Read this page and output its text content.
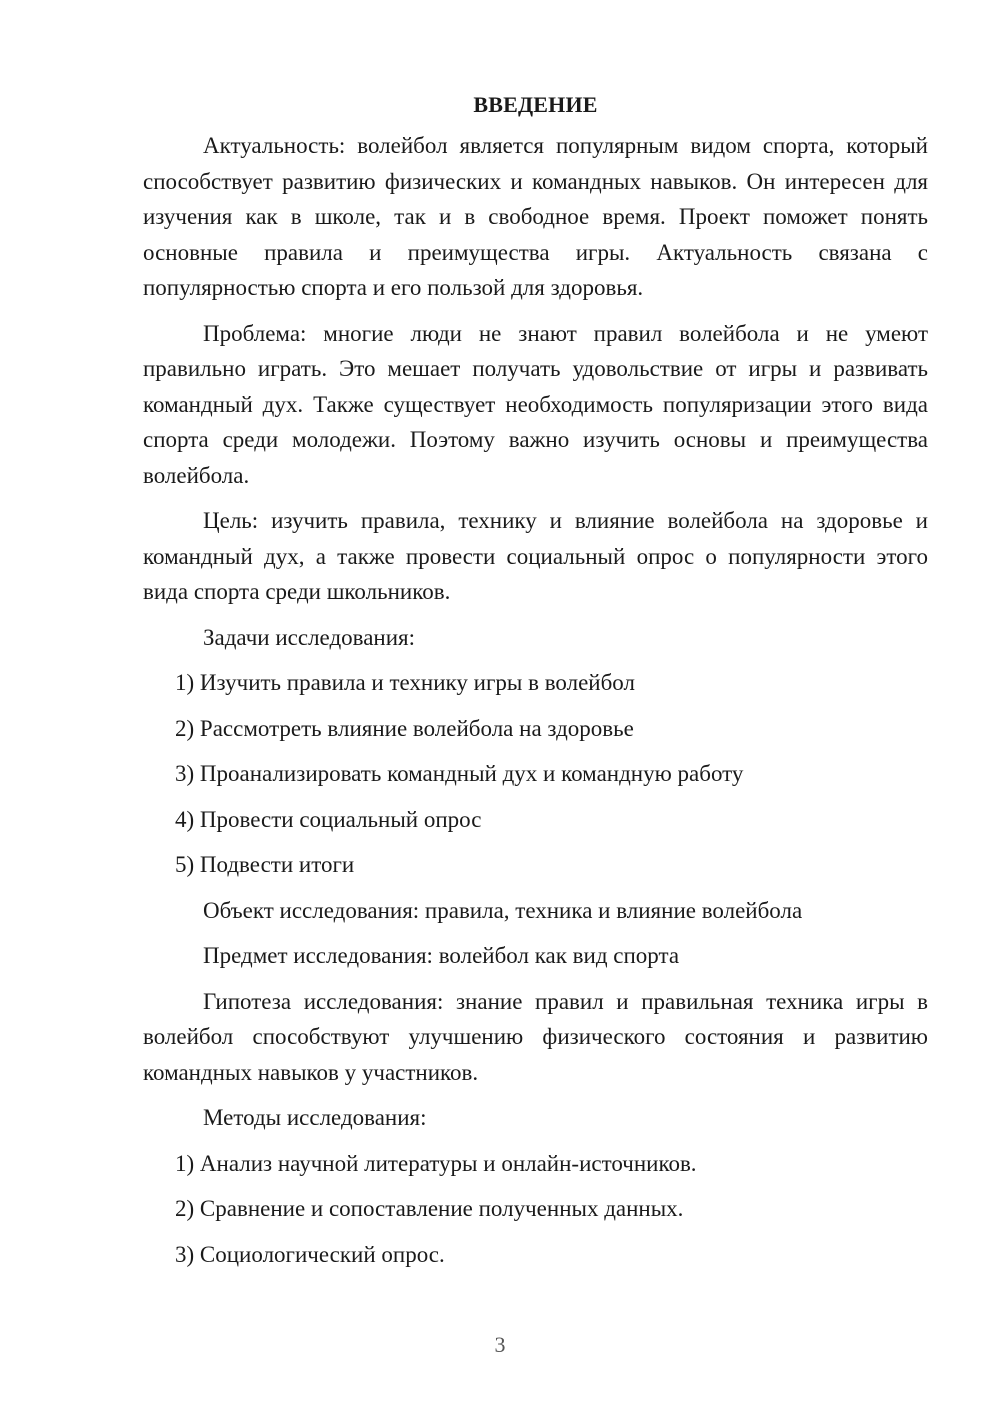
ВВЕДЕНИЕ

Актуальность: волейбол является популярным видом спорта, который способствует развитию физических и командных навыков. Он интересен для изучения как в школе, так и в свободное время. Проект поможет понять основные правила и преимущества игры. Актуальность связана с популярностью спорта и его пользой для здоровья.

Проблема: многие люди не знают правил волейбола и не умеют правильно играть. Это мешает получать удовольствие от игры и развивать командный дух. Также существует необходимость популяризации этого вида спорта среди молодежи. Поэтому важно изучить основы и преимущества волейбола.

Цель: изучить правила, технику и влияние волейбола на здоровье и командный дух, а также провести социальный опрос о популярности этого вида спорта среди школьников.

Задачи исследования:

1) Изучить правила и технику игры в волейбол

2) Рассмотреть влияние волейбола на здоровье

3) Проанализировать командный дух и командную работу

4) Провести социальный опрос

5) Подвести итоги

Объект исследования: правила, техника и влияние волейбола

Предмет исследования: волейбол как вид спорта

Гипотеза исследования: знание правил и правильная техника игры в волейбол способствуют улучшению физического состояния и развитию командных навыков у участников.

Методы исследования:

1) Анализ научной литературы и онлайн-источников.

2) Сравнение и сопоставление полученных данных.

3) Социологический опрос.

3
